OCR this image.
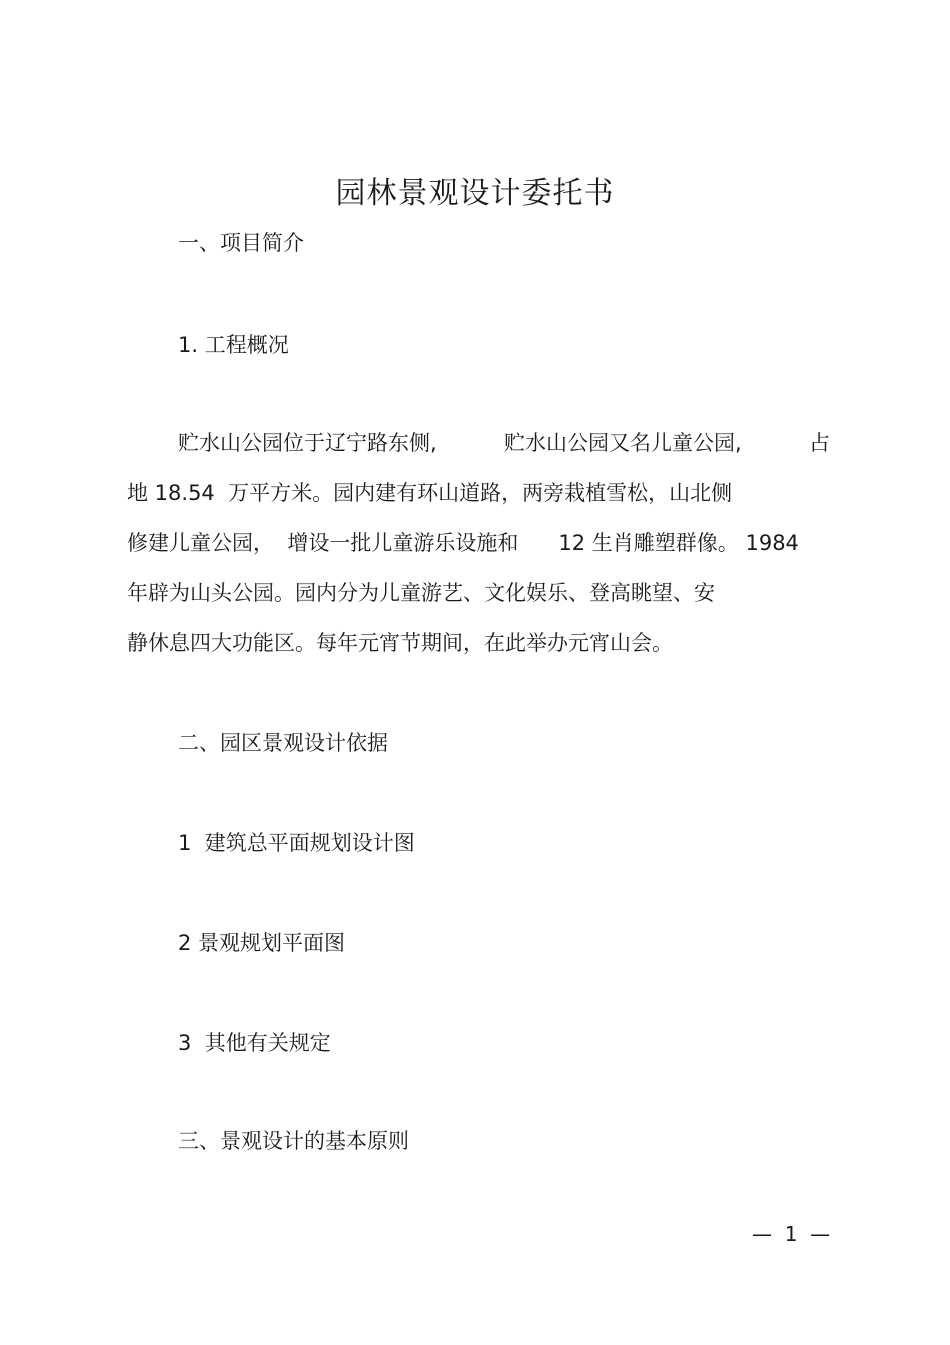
园林景观设计委托书
一、项目简介
1. 工程概况
贮水山公园位于辽宁路东侧,	贮水山公园又名儿童公园,	占
地 18.54  万平方米。园内建有环山道路，两旁栽植雪松，山北侧
修建儿童公园，  增设一批儿童游乐设施和      12 生肖雕塑群像。 1984
年辟为山头公园。园内分为儿童游艺、文化娱乐、登高眺望、安
静休息四大功能区。每年元宵节期间，在此举办元宵山会。
二、园区景观设计依据
1  建筑总平面规划设计图
2 景观规划平面图
3  其他有关规定
三、景观设计的基本原则
—  1  —
